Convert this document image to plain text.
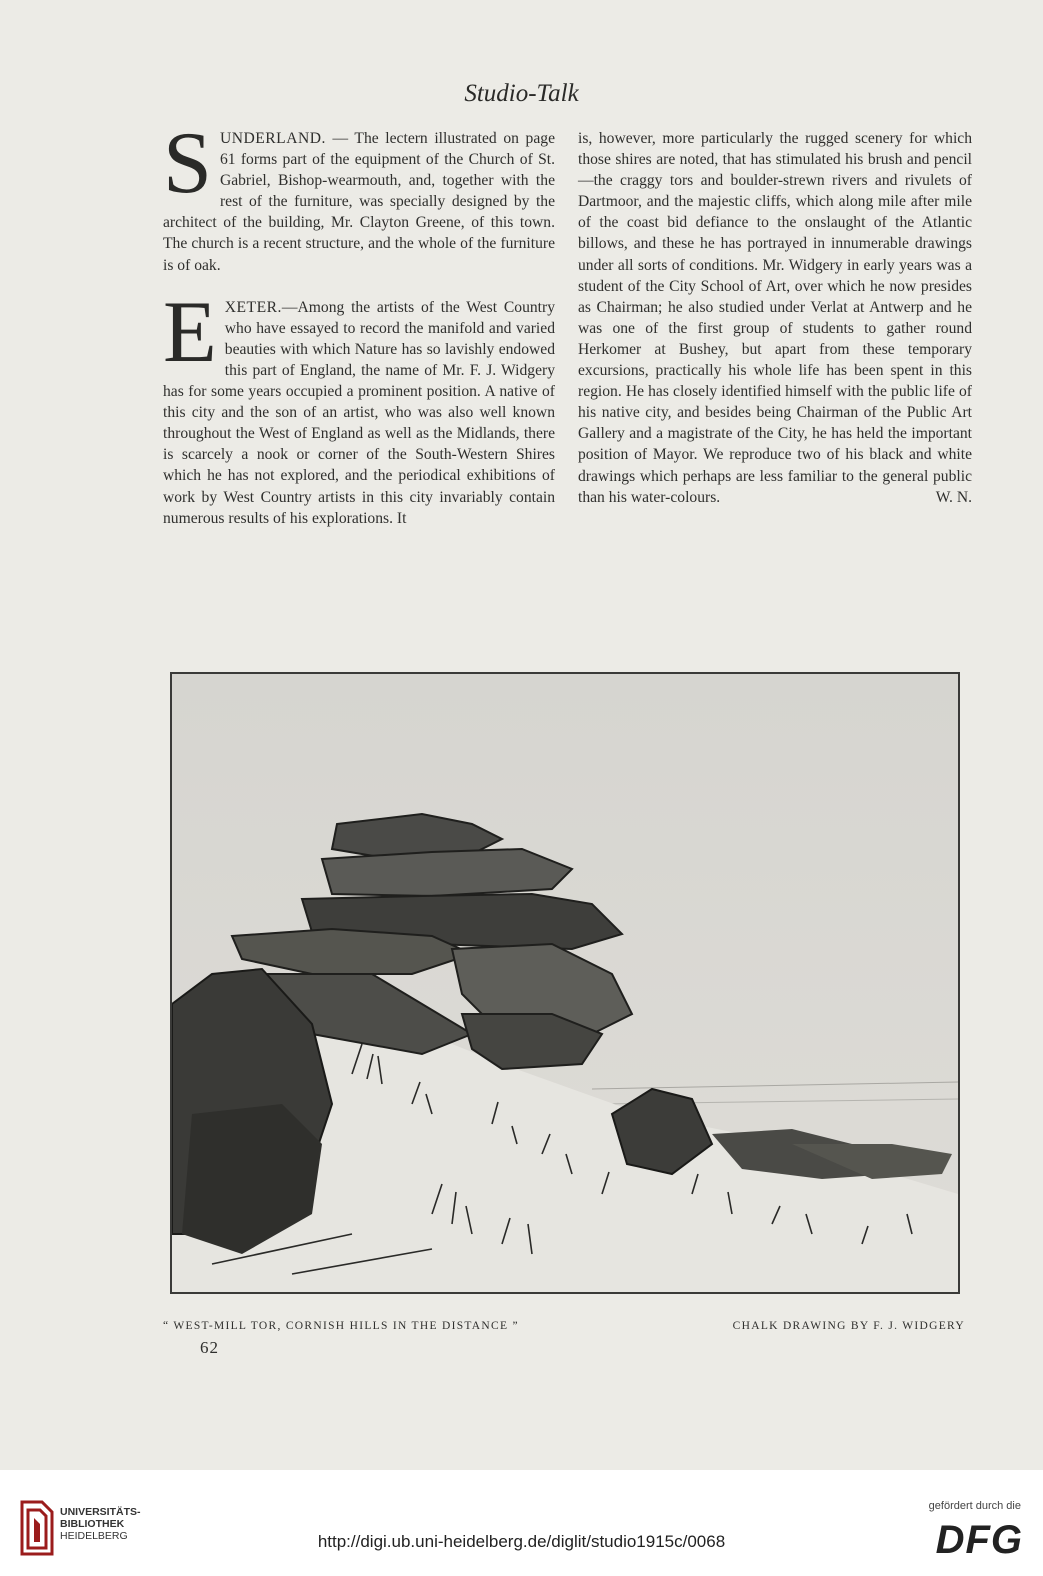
Studio-Talk

SUNDERLAND. — The lectern illustrated on page 61 forms part of the equipment of the Church of St. Gabriel, Bishop-wearmouth, and, together with the rest of the furniture, was specially designed by the architect of the building, Mr. Clayton Greene, of this town. The church is a recent structure, and the whole of the furniture is of oak.

EXETER.—Among the artists of the West Country who have essayed to record the manifold and varied beauties with which Nature has so lavishly endowed this part of England, the name of Mr. F. J. Widgery has for some years occupied a prominent position. A native of this city and the son of an artist, who was also well known throughout the West of England as well as the Midlands, there is scarcely a nook or corner of the South-Western Shires which he has not explored, and the periodical exhibitions of work by West Country artists in this city invariably contain numerous results of his explorations. It

is, however, more particularly the rugged scenery for which those shires are noted, that has stimulated his brush and pencil—the craggy tors and boulder-strewn rivers and rivulets of Dartmoor, and the majestic cliffs, which along mile after mile of the coast bid defiance to the onslaught of the Atlantic billows, and these he has portrayed in innumerable drawings under all sorts of conditions. Mr. Widgery in early years was a student of the City School of Art, over which he now presides as Chairman; he also studied under Verlat at Antwerp and he was one of the first group of students to gather round Herkomer at Bushey, but apart from these temporary excursions, practically his whole life has been spent in this region. He has closely identified himself with the public life of his native city, and besides being Chairman of the Public Art Gallery and a magistrate of the City, he has held the important position of Mayor. We reproduce two of his black and white drawings which perhaps are less familiar to the general public than his water-colours.	W. N.

“ WEST-MILL TOR, CORNISH HILLS IN THE DISTANCE ”	CHALK DRAWING BY F. J. WIDGERY
62
UNIVERSITÄTS-
BIBLIOTHEK
HEIDELBERG	http://digi.ub.uni-heidelberg.de/diglit/studio1915c/0068
gefördert durch die
DFG
